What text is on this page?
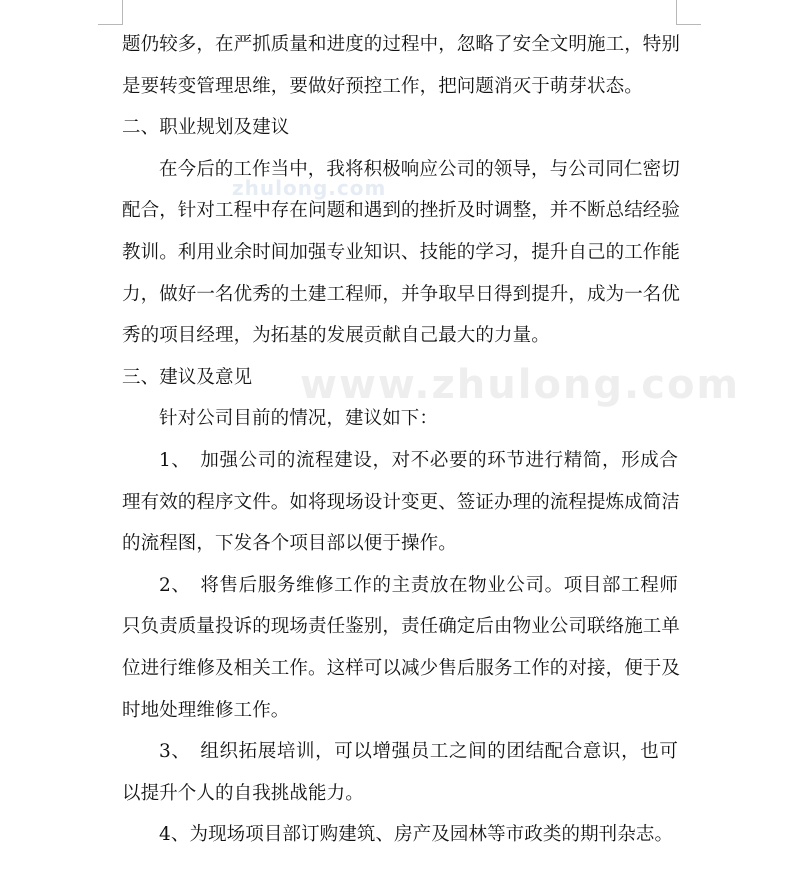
zhulong.com
www.zhulong.com
题仍较多，在严抓质量和进度的过程中，忽略了安全文明施工，特别
是要转变管理思维，要做好预控工作，把问题消灭于萌芽状态。
二、职业规划及建议
在今后的工作当中，我将积极响应公司的领导，与公司同仁密切
配合，针对工程中存在问题和遇到的挫折及时调整，并不断总结经验
教训。利用业余时间加强专业知识、技能的学习，提升自己的工作能
力，做好一名优秀的土建工程师，并争取早日得到提升，成为一名优
秀的项目经理，为拓基的发展贡献自己最大的力量。
三、建议及意见
针对公司目前的情况，建议如下：
1、　加强公司的流程建设，对不必要的环节进行精简，形成合
理有效的程序文件。如将现场设计变更、签证办理的流程提炼成简洁
的流程图，下发各个项目部以便于操作。
2、　将售后服务维修工作的主责放在物业公司。项目部工程师
只负责质量投诉的现场责任鉴别，责任确定后由物业公司联络施工单
位进行维修及相关工作。这样可以减少售后服务工作的对接，便于及
时地处理维修工作。
3、　组织拓展培训，可以增强员工之间的团结配合意识，也可
以提升个人的自我挑战能力。
4、为现场项目部订购建筑、房产及园林等市政类的期刊杂志。
